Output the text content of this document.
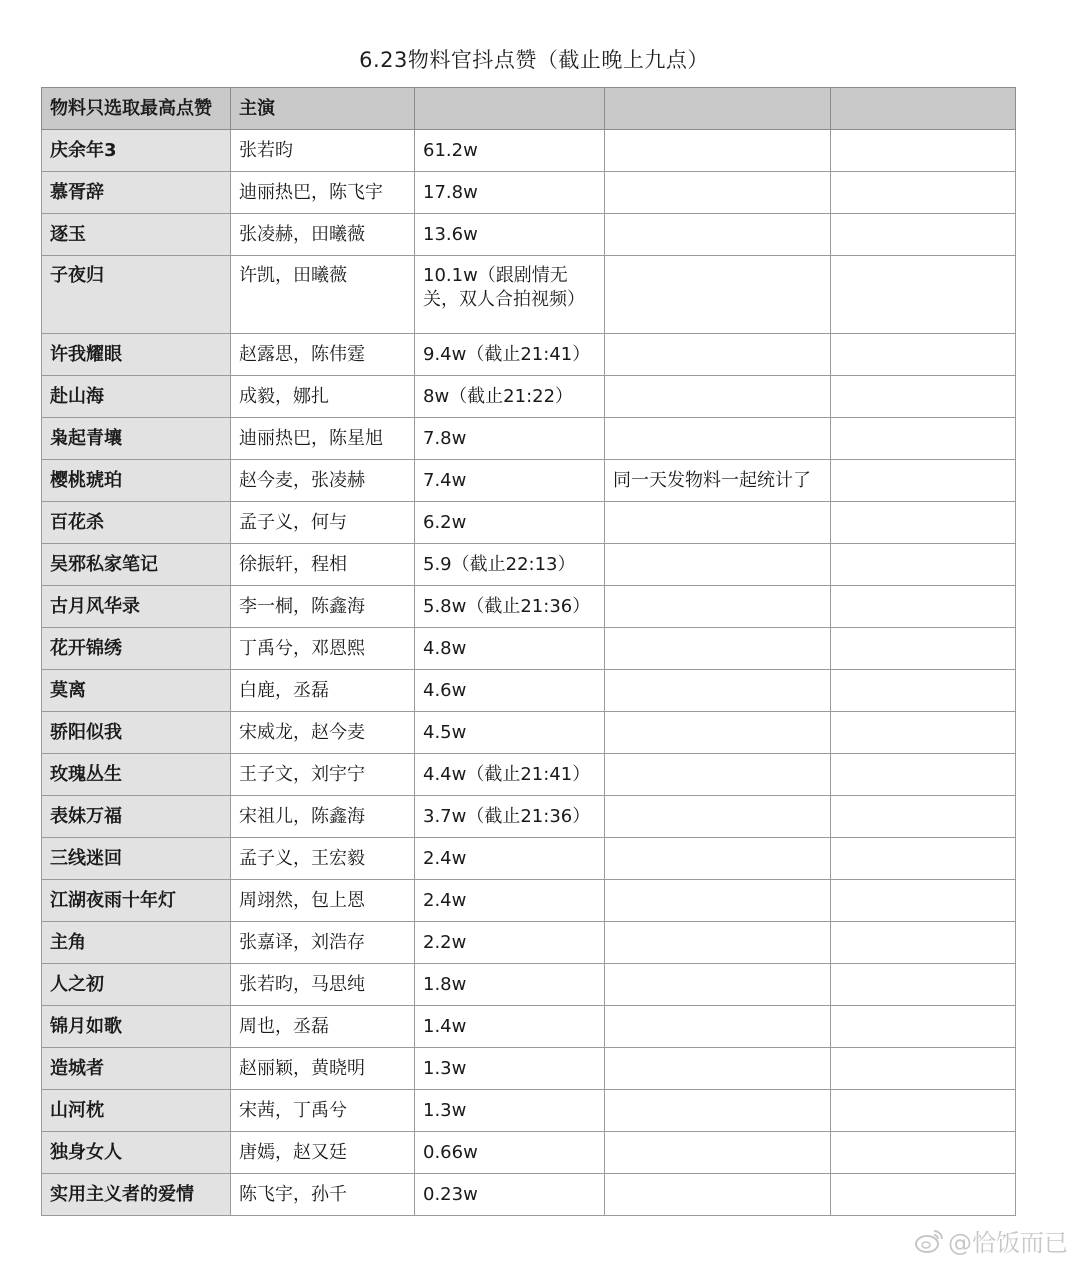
6.23物料官抖点赞（截止晚上九点）
物料只选取最高点赞	主演			
庆余年3	张若昀	61.2w		
慕胥辞	迪丽热巴，陈飞宇	17.8w		
逐玉	张凌赫，田曦薇	13.6w		
子夜归	许凯，田曦薇	10.1w（跟剧情无关，双人合拍视频）		
许我耀眼	赵露思，陈伟霆	9.4w（截止21:41）		
赴山海	成毅，娜扎	8w（截止21:22）		
枭起青壤	迪丽热巴，陈星旭	7.8w		
樱桃琥珀	赵今麦，张凌赫	7.4w	同一天发物料一起统计了	
百花杀	孟子义，何与	6.2w		
吴邪私家笔记	徐振轩，程相	5.9（截止22:13）		
古月风华录	李一桐，陈鑫海	5.8w（截止21:36）		
花开锦绣	丁禹兮，邓恩熙	4.8w		
莫离	白鹿，丞磊	4.6w		
骄阳似我	宋威龙，赵今麦	4.5w		
玫瑰丛生	王子文，刘宇宁	4.4w（截止21:41）		
表妹万福	宋祖儿，陈鑫海	3.7w（截止21:36）		
三线迷回	孟子义，王宏毅	2.4w		
江湖夜雨十年灯	周翊然，包上恩	2.4w		
主角	张嘉译，刘浩存	2.2w		
人之初	张若昀，马思纯	1.8w		
锦月如歌	周也，丞磊	1.4w		
造城者	赵丽颖，黄晓明	1.3w		
山河枕	宋茜，丁禹兮	1.3w		
独身女人	唐嫣，赵又廷	0.66w		
实用主义者的爱情	陈飞宇，孙千	0.23w		
@恰饭而已
